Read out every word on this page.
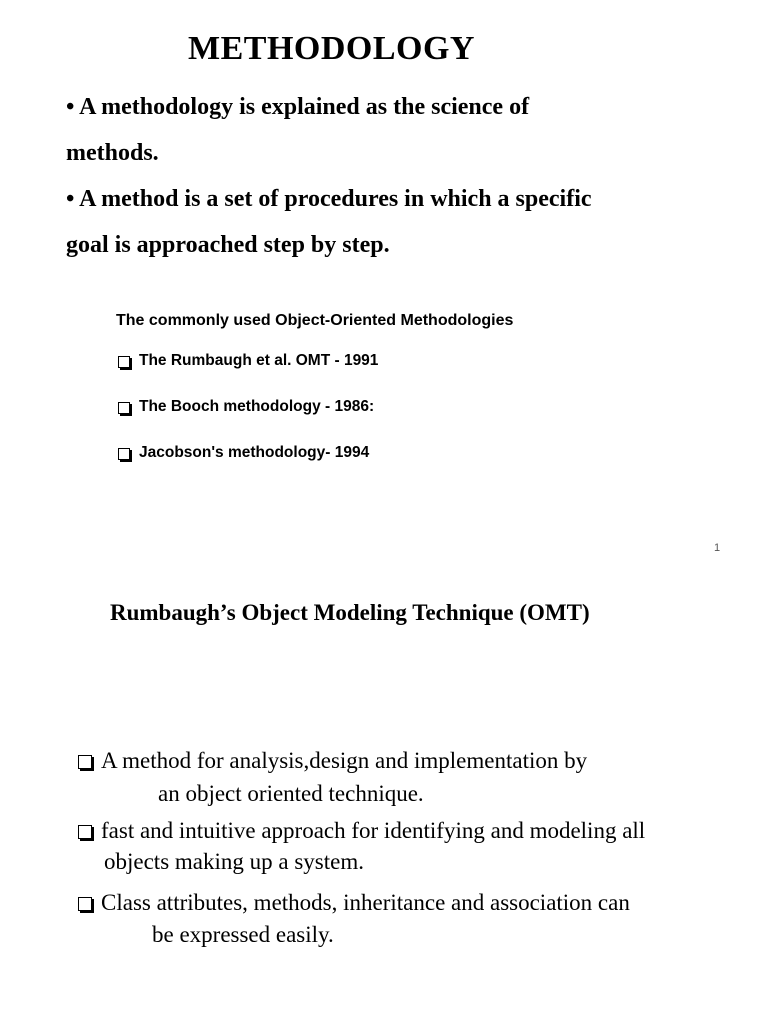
METHODOLOGY
• A methodology is explained as the science of
methods.
• A method is a set of procedures in which a specific
goal is approached step by step.
The commonly used Object-Oriented Methodologies
The Rumbaugh et al. OMT - 1991
The Booch methodology - 1986:
Jacobson's methodology- 1994
1
Rumbaugh’s Object Modeling Technique (OMT)
A method for analysis,design and implementation by
an object oriented technique.
fast and intuitive approach for identifying and modeling all
objects making up a system.
Class attributes, methods, inheritance and association can
be expressed easily.
